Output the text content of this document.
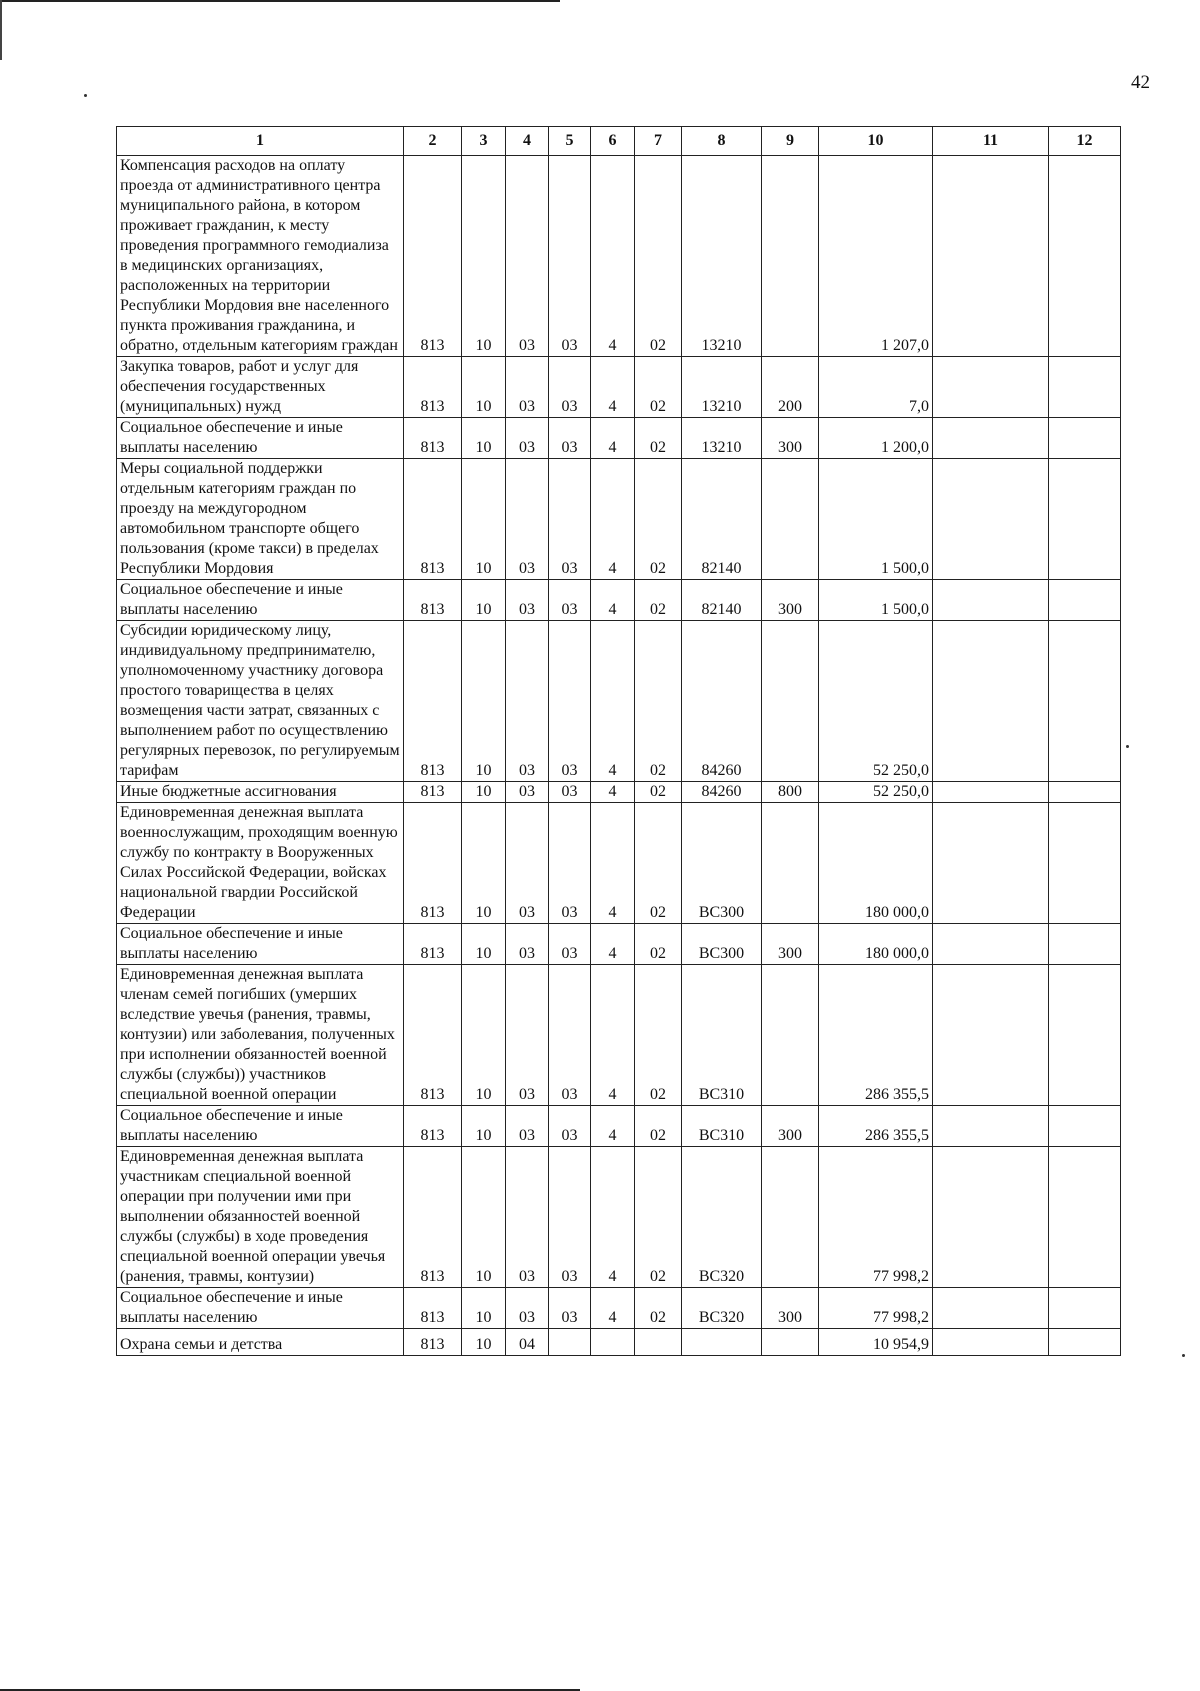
42
1	2	3	4	5	6	7	8	9	10	11	12
Компенсация расходов на оплату проезда от административного центра муниципального района, в котором проживает гражданин, к месту проведения программного гемодиализа в медицинских организациях, расположенных на территории Республики Мордовия вне населенного пункта проживания гражданина, и обратно, отдельным категориям граждан	813	10	03	03	4	02	13210		1 207,0		
Закупка товаров, работ и услуг для обеспечения государственных (муниципальных) нужд	813	10	03	03	4	02	13210	200	7,0		
Социальное обеспечение и иные выплаты населению	813	10	03	03	4	02	13210	300	1 200,0		
Меры социальной поддержки отдельным категориям граждан по проезду на междугородном автомобильном транспорте общего пользования (кроме такси) в пределах Республики Мордовия	813	10	03	03	4	02	82140		1 500,0		
Социальное обеспечение и иные выплаты населению	813	10	03	03	4	02	82140	300	1 500,0		
Субсидии юридическому лицу, индивидуальному предпринимателю, уполномоченному участнику договора простого товарищества в целях возмещения части затрат, связанных с выполнением работ по осуществлению регулярных перевозок, по регулируемым тарифам	813	10	03	03	4	02	84260		52 250,0		
Иные бюджетные ассигнования	813	10	03	03	4	02	84260	800	52 250,0		
Единовременная денежная выплата военнослужащим, проходящим военную службу по контракту в Вооруженных Силах Российской Федерации, войсках национальной гвардии Российской Федерации	813	10	03	03	4	02	ВС300		180 000,0		
Социальное обеспечение и иные выплаты населению	813	10	03	03	4	02	ВС300	300	180 000,0		
Единовременная денежная выплата членам семей погибших (умерших вследствие увечья (ранения, травмы, контузии) или заболевания, полученных при исполнении обязанностей военной службы (службы)) участников специальной военной операции	813	10	03	03	4	02	ВС310		286 355,5		
Социальное обеспечение и иные выплаты населению	813	10	03	03	4	02	ВС310	300	286 355,5		
Единовременная денежная выплата участникам специальной военной операции при получении ими при выполнении обязанностей военной службы (службы) в ходе проведения специальной военной операции увечья (ранения, травмы, контузии)	813	10	03	03	4	02	ВС320		77 998,2		
Социальное обеспечение и иные выплаты населению	813	10	03	03	4	02	ВС320	300	77 998,2		
Охрана семьи и детства	813	10	04						10 954,9		
